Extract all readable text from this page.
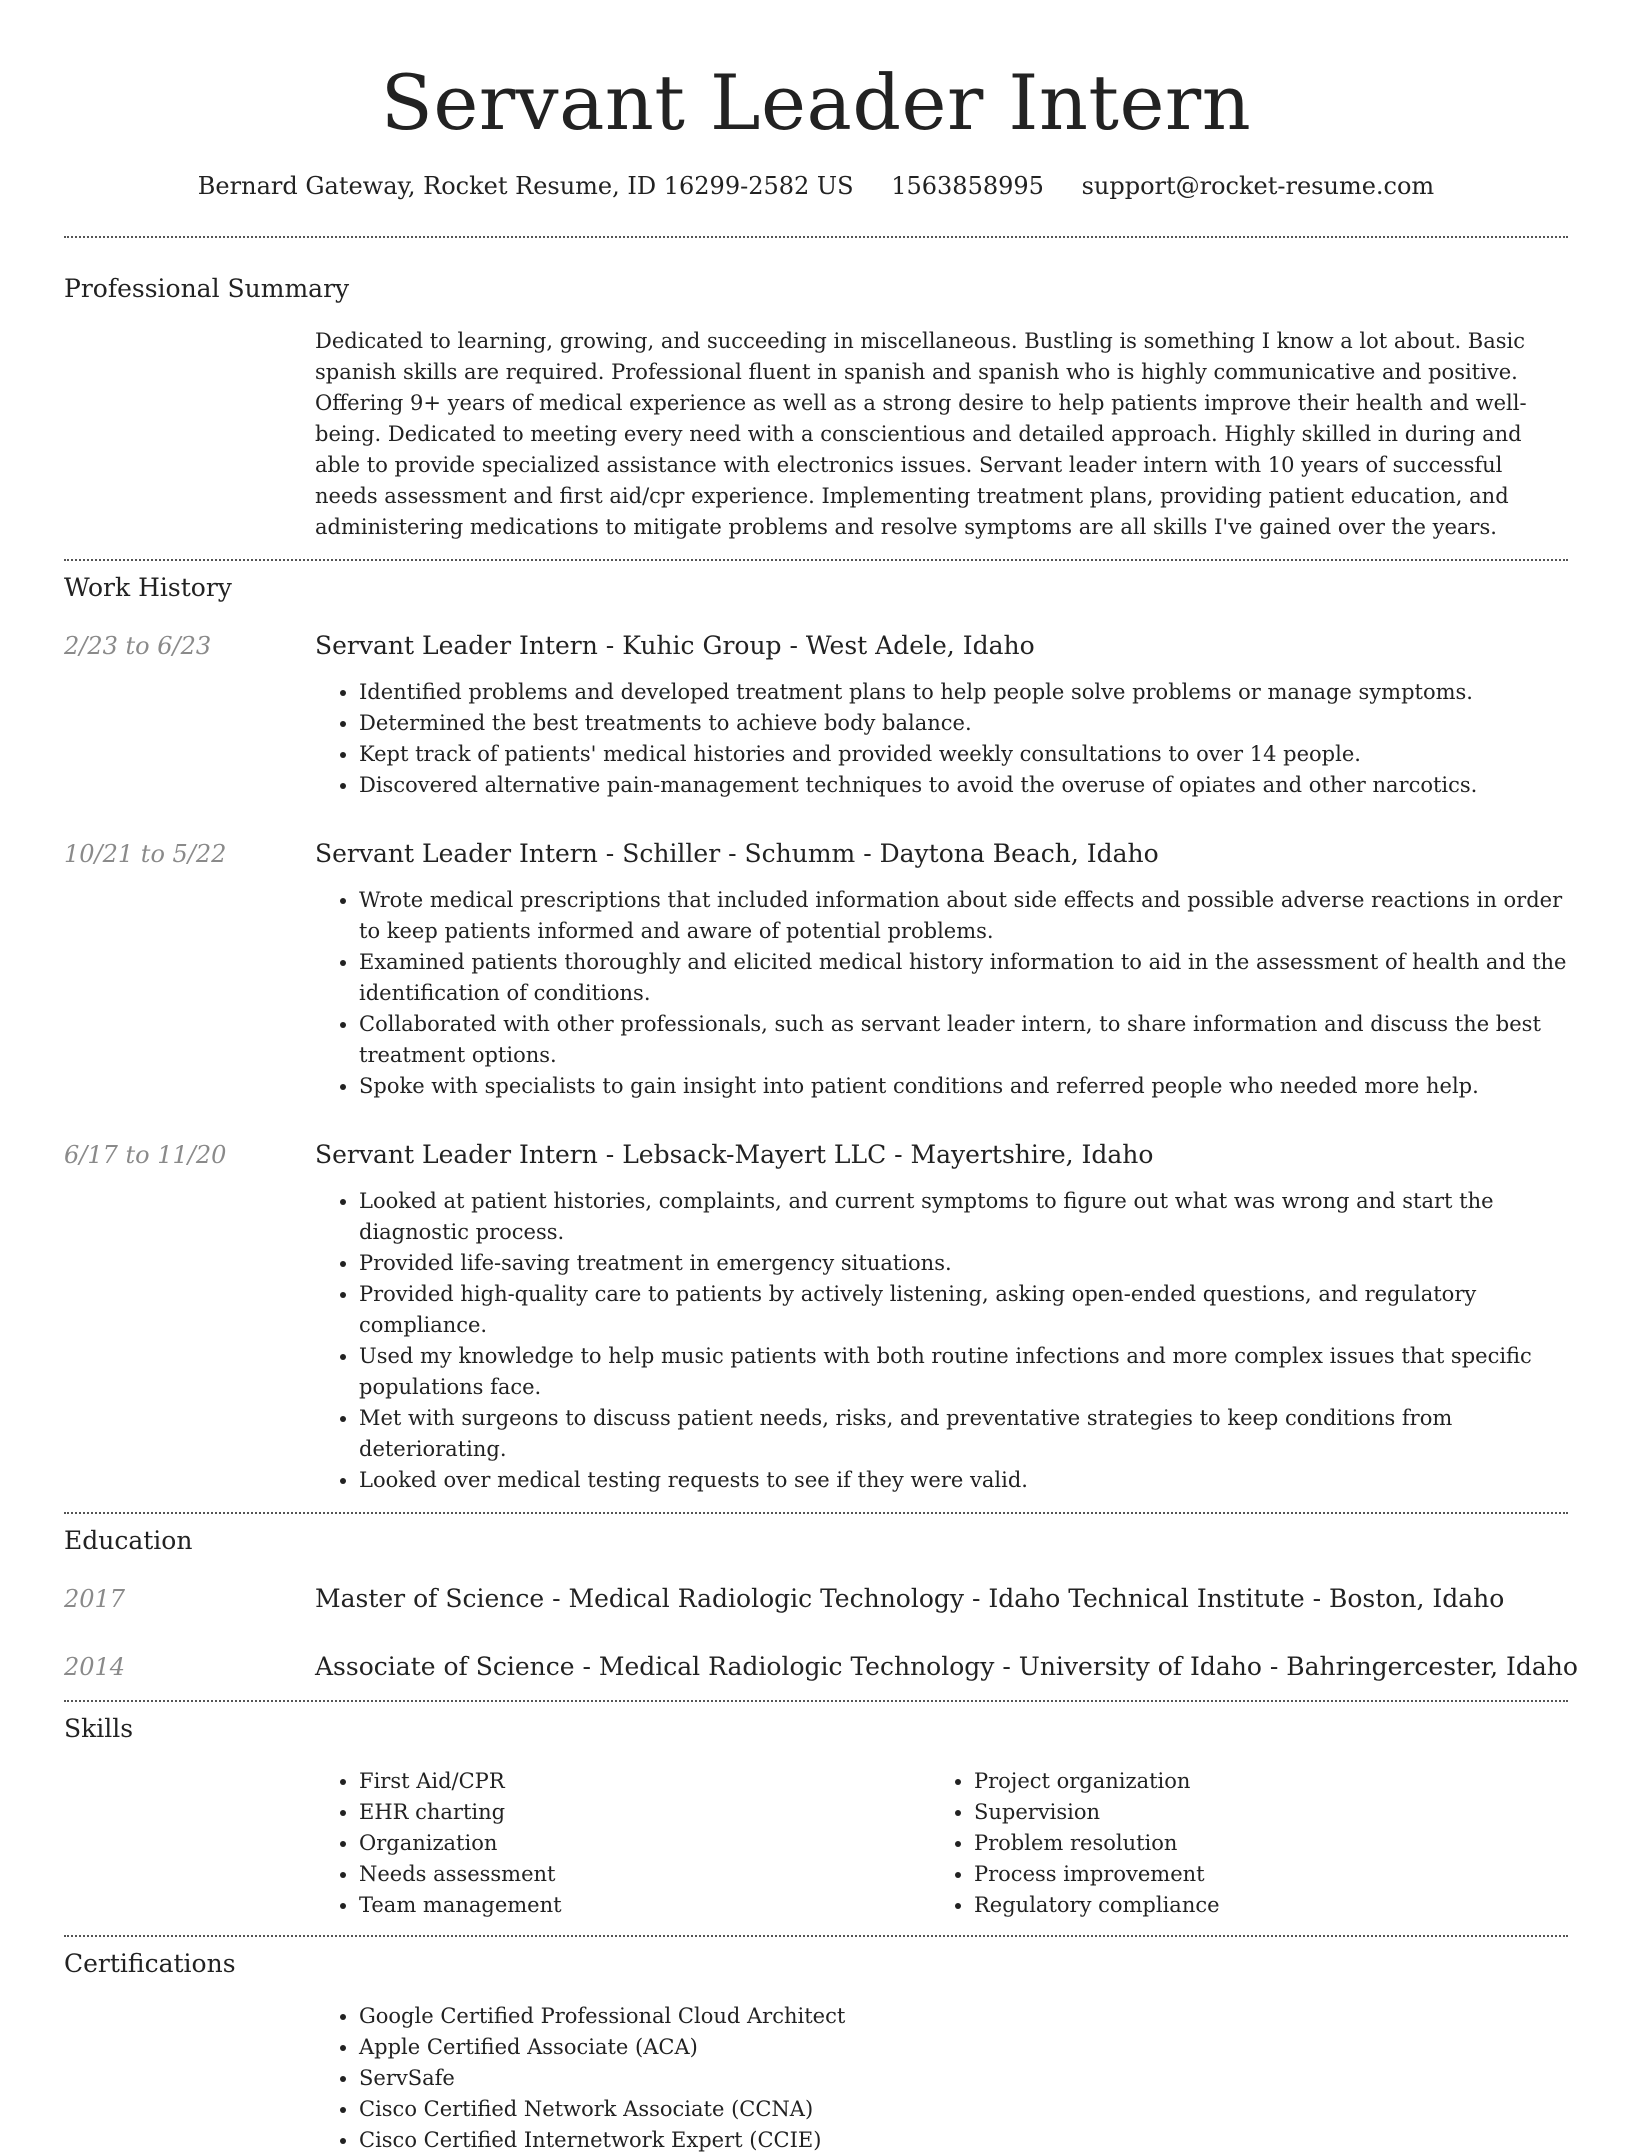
Servant Leader Intern
Bernard Gateway, Rocket Resume, ID 16299-2582 US 1563858995 support@rocket-resume.com
Professional Summary

Dedicated to learning, growing, and succeeding in miscellaneous. Bustling is something I know a lot about. Basic spanish skills are required. Professional fluent in spanish and spanish who is highly communicative and positive. Offering 9+ years of medical experience as well as a strong desire to help patients improve their health and well-being. Dedicated to meeting every need with a conscientious and detailed approach. Highly skilled in during and able to provide specialized assistance with electronics issues. Servant leader intern with 10 years of successful needs assessment and first aid/cpr experience. Implementing treatment plans, providing patient education, and administering medications to mitigate problems and resolve symptoms are all skills I've gained over the years.

Work History
2/23 to 6/23	Servant Leader Intern - Kuhic Group - West Adele, Idaho
• Identified problems and developed treatment plans to help people solve problems or manage symptoms.
• Determined the best treatments to achieve body balance.
• Kept track of patients' medical histories and provided weekly consultations to over 14 people.
• Discovered alternative pain-management techniques to avoid the overuse of opiates and other narcotics.
10/21 to 5/22	Servant Leader Intern - Schiller - Schumm - Daytona Beach, Idaho
• Wrote medical prescriptions that included information about side effects and possible adverse reactions in order to keep patients informed and aware of potential problems.
• Examined patients thoroughly and elicited medical history information to aid in the assessment of health and the identification of conditions.
• Collaborated with other professionals, such as servant leader intern, to share information and discuss the best treatment options.
• Spoke with specialists to gain insight into patient conditions and referred people who needed more help.
6/17 to 11/20	Servant Leader Intern - Lebsack-Mayert LLC - Mayertshire, Idaho
• Looked at patient histories, complaints, and current symptoms to figure out what was wrong and start the diagnostic process.
• Provided life-saving treatment in emergency situations.
• Provided high-quality care to patients by actively listening, asking open-ended questions, and regulatory compliance.
• Used my knowledge to help music patients with both routine infections and more complex issues that specific populations face.
• Met with surgeons to discuss patient needs, risks, and preventative strategies to keep conditions from deteriorating.
• Looked over medical testing requests to see if they were valid.
Education
2017	Master of Science - Medical Radiologic Technology - Idaho Technical Institute - Boston, Idaho
2014	Associate of Science - Medical Radiologic Technology - University of Idaho - Bahringercester, Idaho
Skills
• First Aid/CPR
• EHR charting
• Organization
• Needs assessment
• Team management
• Project organization
• Supervision
• Problem resolution
• Process improvement
• Regulatory compliance
Certifications
• Google Certified Professional Cloud Architect
• Apple Certified Associate (ACA)
• ServSafe
• Cisco Certified Network Associate (CCNA)
• Cisco Certified Internetwork Expert (CCIE)
